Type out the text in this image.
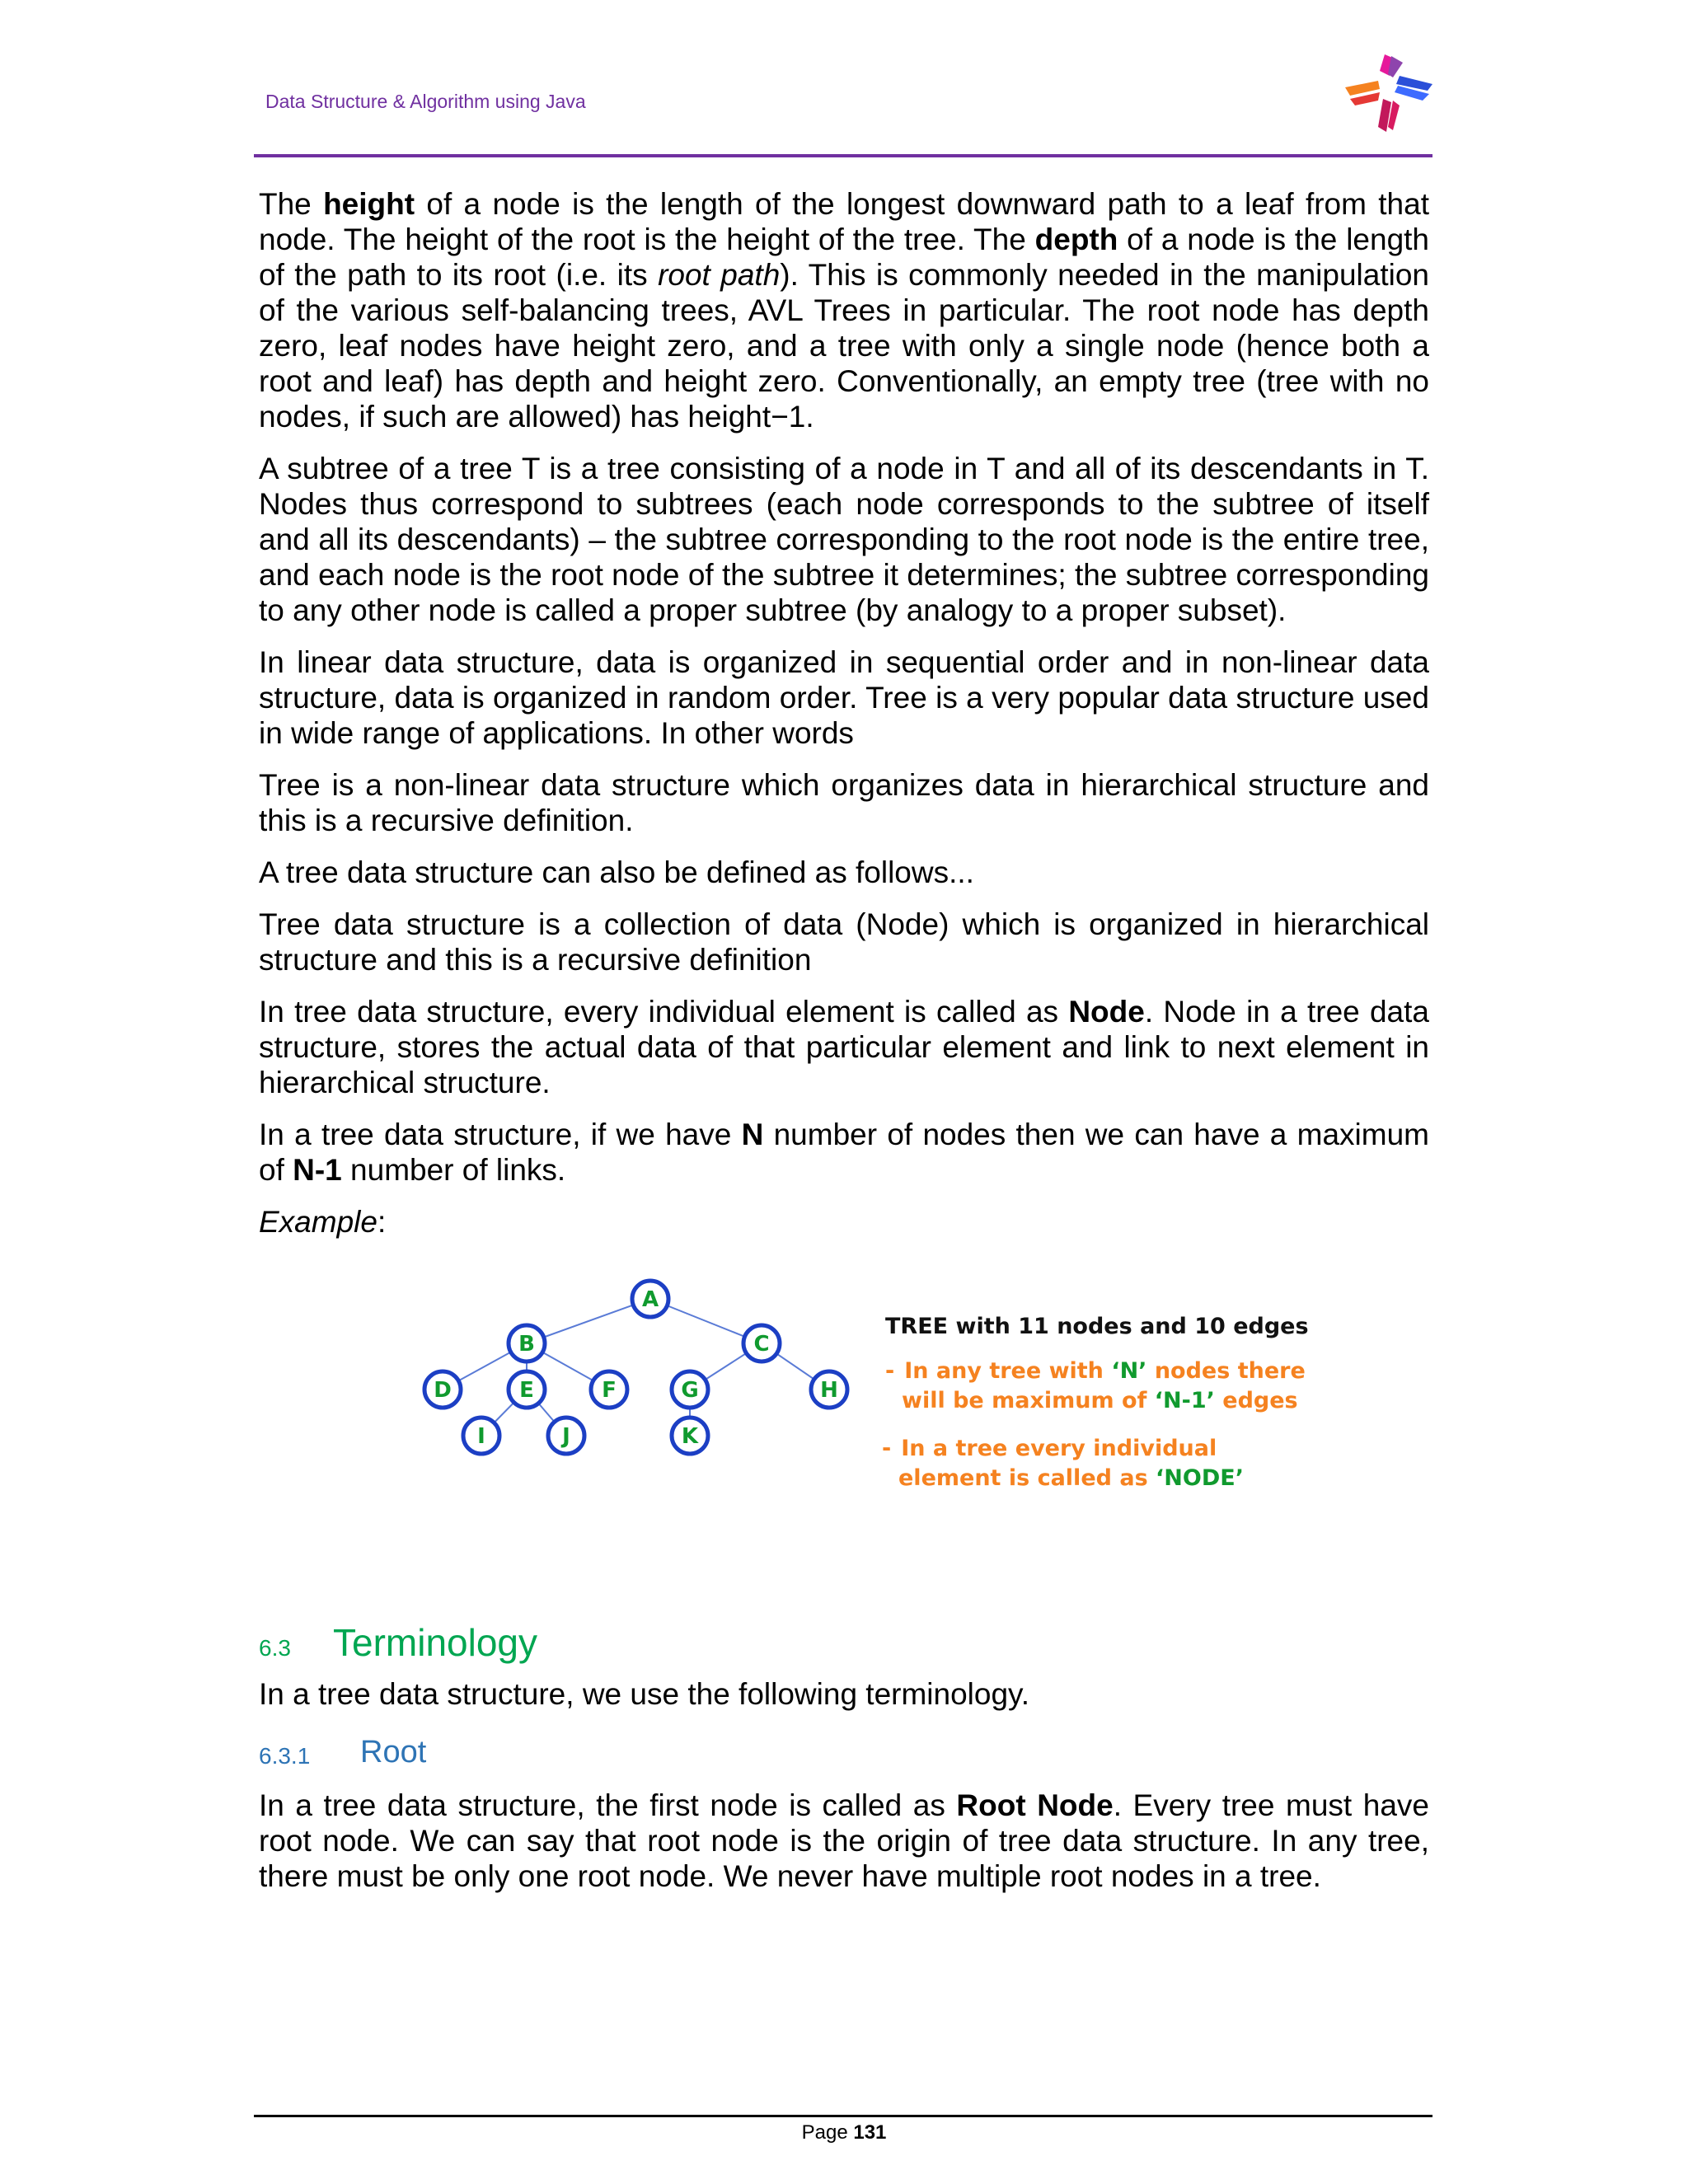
Data Structure & Algorithm using Java

The height of a node is the length of the longest downward path to a leaf from that node. The height of the root is the height of the tree. The depth of a node is the length of the path to its root (i.e. its root path). This is commonly needed in the manipulation of the various self-balancing trees, AVL Trees in particular. The root node has depth zero, leaf nodes have height zero, and a tree with only a single node (hence both a root and leaf) has depth and height zero. Conventionally, an empty tree (tree with no nodes, if such are allowed) has height−1.

A subtree of a tree T is a tree consisting of a node in T and all of its descendants in T. Nodes thus correspond to subtrees (each node corresponds to the subtree of itself and all its descendants) – the subtree corresponding to the root node is the entire tree, and each node is the root node of the subtree it determines; the subtree corresponding to any other node is called a proper subtree (by analogy to a proper subset).

In linear data structure, data is organized in sequential order and in non-linear data structure, data is organized in random order. Tree is a very popular data structure used in wide range of applications. In other words

Tree is a non-linear data structure which organizes data in hierarchical structure and this is a recursive definition.

A tree data structure can also be defined as follows...

Tree data structure is a collection of data (Node) which is organized in hierarchical structure and this is a recursive definition

In tree data structure, every individual element is called as Node. Node in a tree data structure, stores the actual data of that particular element and link to next element in hierarchical structure.

In a tree data structure, if we have N number of nodes then we can have a maximum of N-1 number of links.

Example:

A
B	C
D	E	F	G	H
I	J	K
TREE with 11 nodes and 10 edges
- In any tree with ‘N’ nodes there
will be maximum of ‘N-1’ edges
- In a tree every individual
element is called as ‘NODE’
6.3 Terminology

In a tree data structure, we use the following terminology.

6.3.1 Root

In a tree data structure, the first node is called as Root Node. Every tree must have root node. We can say that root node is the origin of tree data structure. In any tree, there must be only one root node. We never have multiple root nodes in a tree.

Page 131
